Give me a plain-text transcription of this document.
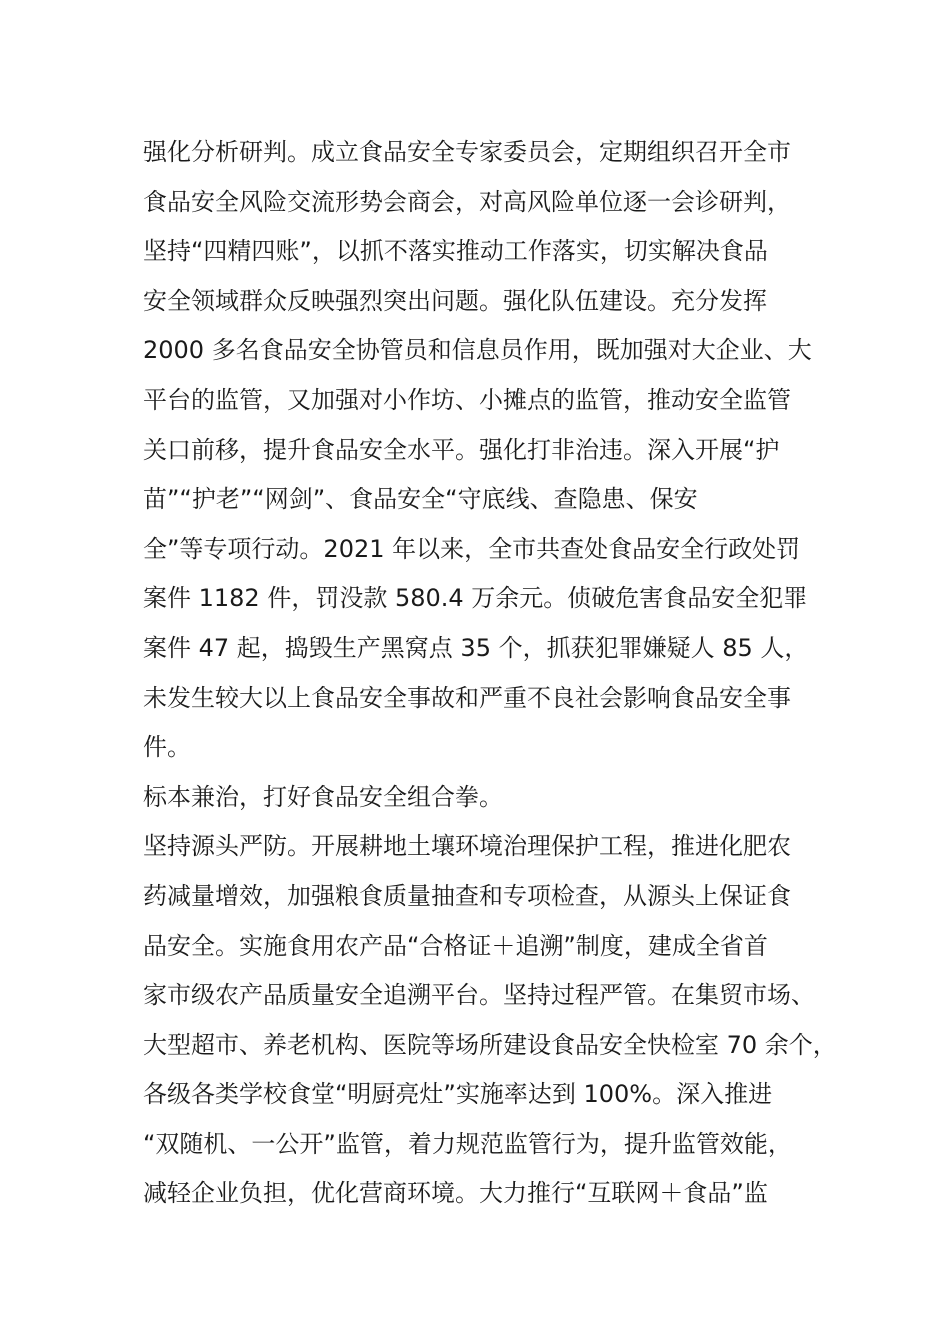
强化分析研判。成立食品安全专家委员会，定期组织召开全市
食品安全风险交流形势会商会，对高风险单位逐一会诊研判，
坚持“四精四账”，以抓不落实推动工作落实，切实解决食品
安全领域群众反映强烈突出问题。强化队伍建设。充分发挥
2000 多名食品安全协管员和信息员作用，既加强对大企业、大
平台的监管，又加强对小作坊、小摊点的监管，推动安全监管
关口前移，提升食品安全水平。强化打非治违。深入开展“护
苗”“护老”“网剑”、食品安全“守底线、查隐患、保安
全”等专项行动。2021 年以来，全市共查处食品安全行政处罚
案件 1182 件，罚没款 580.4 万余元。侦破危害食品安全犯罪
案件 47 起，捣毁生产黑窝点 35 个，抓获犯罪嫌疑人 85 人，
未发生较大以上食品安全事故和严重不良社会影响食品安全事
件。
标本兼治，打好食品安全组合拳。
坚持源头严防。开展耕地土壤环境治理保护工程，推进化肥农
药减量增效，加强粮食质量抽查和专项检查，从源头上保证食
品安全。实施食用农产品“合格证＋追溯”制度，建成全省首
家市级农产品质量安全追溯平台。坚持过程严管。在集贸市场、
大型超市、养老机构、医院等场所建设食品安全快检室 70 余个，
各级各类学校食堂“明厨亮灶”实施率达到 100%。深入推进
“双随机、一公开”监管，着力规范监管行为，提升监管效能，
减轻企业负担，优化营商环境。大力推行“互联网＋食品”监
